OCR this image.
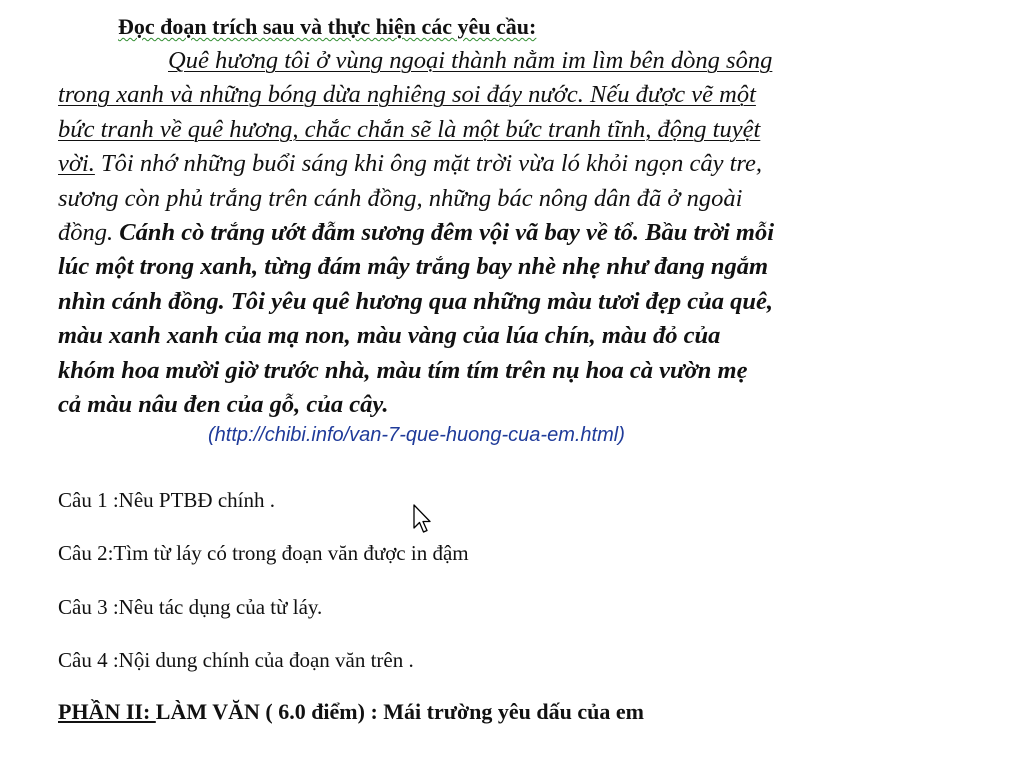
Đọc đoạn trích sau và thực hiện các yêu cầu:
Quê hương tôi ở vùng ngoại thành nằm im lìm bên dòng sông
trong xanh và những bóng dừa nghiêng soi đáy nước. Nếu được vẽ một
bức tranh về quê hương, chắc chắn sẽ là một bức tranh tĩnh, động tuyệt
vời. Tôi nhớ những buổi sáng khi ông mặt trời vừa ló khỏi ngọn cây tre,
sương còn phủ trắng trên cánh đồng, những bác nông dân đã ở ngoài
đồng. Cánh cò trắng ướt đẫm sương đêm vội vã bay về tổ. Bầu trời mỗi
lúc một trong xanh, từng đám mây trắng bay nhè nhẹ như đang ngắm
nhìn cánh đồng. Tôi yêu quê hương qua những màu tươi đẹp của quê,
màu xanh xanh của mạ non, màu vàng của lúa chín, màu đỏ của
khóm hoa mười giờ trước nhà, màu tím tím trên nụ hoa cà vườn mẹ
cả màu nâu đen của gỗ, của cây.
(http://chibi.info/van-7-que-huong-cua-em.html)
Câu 1 :Nêu PTBĐ chính .
Câu 2:Tìm từ láy có trong đoạn văn được in đậm
Câu 3 :Nêu tác dụng của từ láy.
Câu 4 :Nội dung chính của đoạn văn trên .
PHẦN II: LÀM VĂN ( 6.0 điểm) : Mái trường yêu dấu của em
